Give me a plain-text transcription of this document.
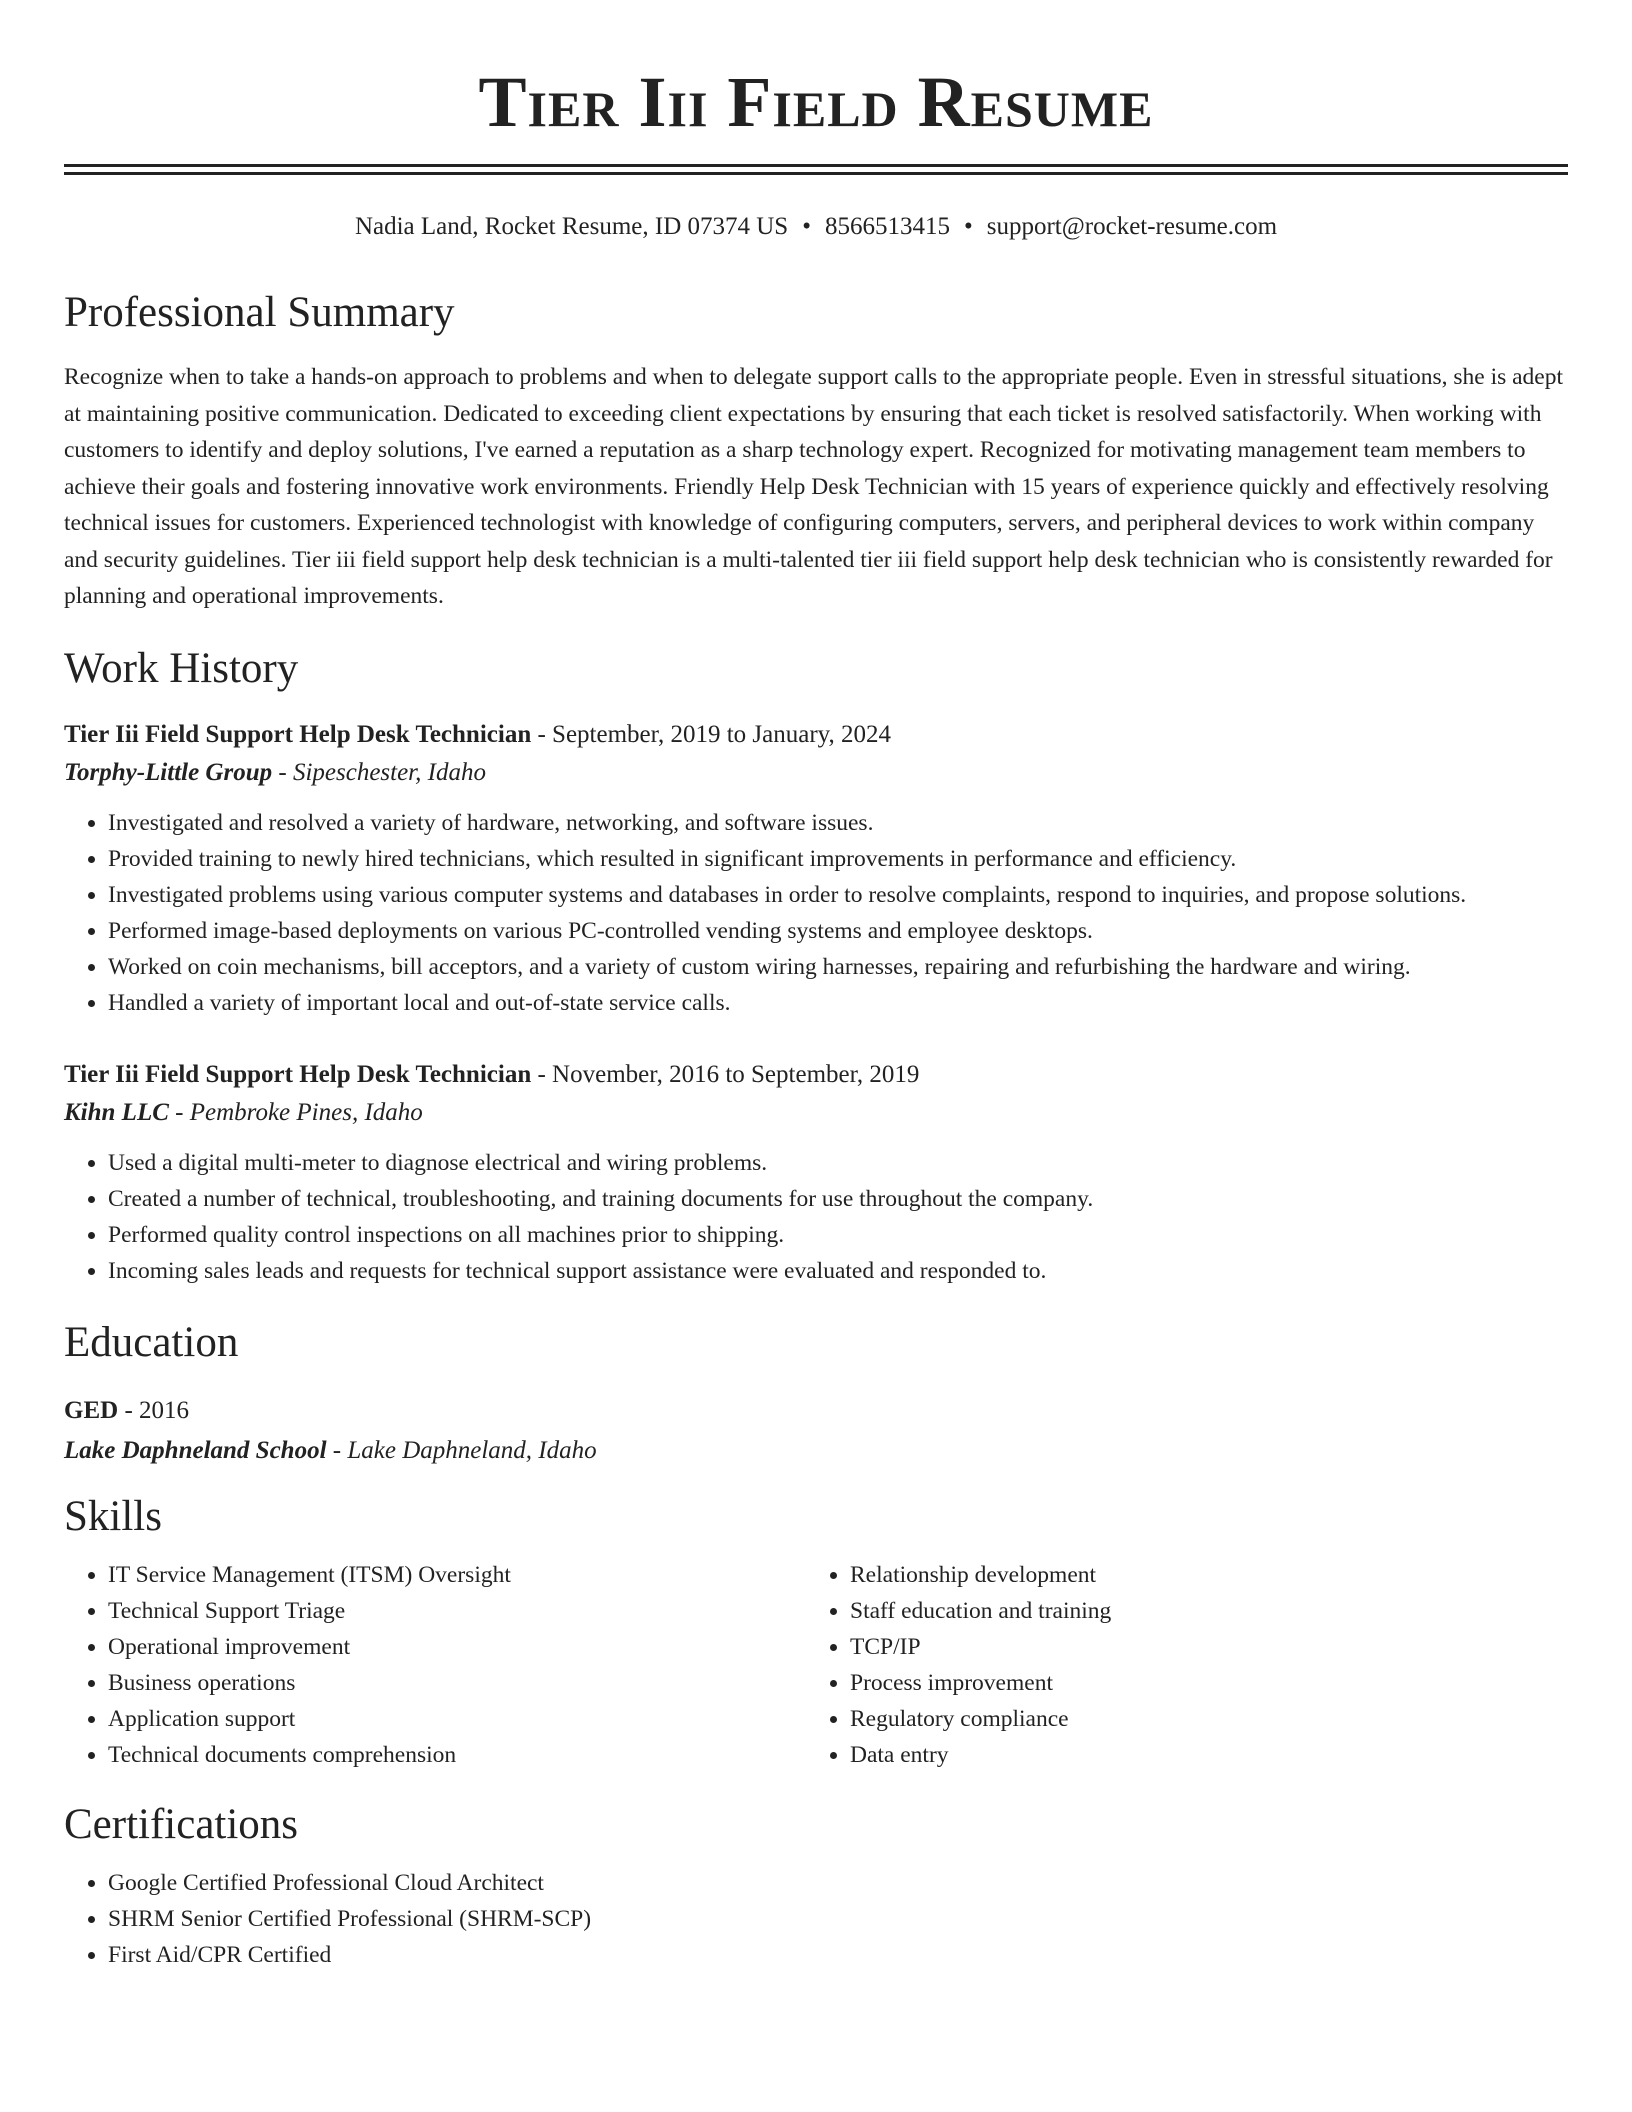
Tier Iii Field Resume
Nadia Land, Rocket Resume, ID 07374 US • 8566513415 • support@rocket-resume.com
Professional Summary
Recognize when to take a hands-on approach to problems and when to delegate support calls to the appropriate people. Even in stressful situations, she is adept at maintaining positive communication. Dedicated to exceeding client expectations by ensuring that each ticket is resolved satisfactorily. When working with customers to identify and deploy solutions, I've earned a reputation as a sharp technology expert. Recognized for motivating management team members to achieve their goals and fostering innovative work environments. Friendly Help Desk Technician with 15 years of experience quickly and effectively resolving technical issues for customers. Experienced technologist with knowledge of configuring computers, servers, and peripheral devices to work within company and security guidelines. Tier iii field support help desk technician is a multi-talented tier iii field support help desk technician who is consistently rewarded for planning and operational improvements.
Work History
Tier Iii Field Support Help Desk Technician - September, 2019 to January, 2024
Torphy-Little Group - Sipeschester, Idaho
• Investigated and resolved a variety of hardware, networking, and software issues.
• Provided training to newly hired technicians, which resulted in significant improvements in performance and efficiency.
• Investigated problems using various computer systems and databases in order to resolve complaints, respond to inquiries, and propose solutions.
• Performed image-based deployments on various PC-controlled vending systems and employee desktops.
• Worked on coin mechanisms, bill acceptors, and a variety of custom wiring harnesses, repairing and refurbishing the hardware and wiring.
• Handled a variety of important local and out-of-state service calls.
Tier Iii Field Support Help Desk Technician - November, 2016 to September, 2019
Kihn LLC - Pembroke Pines, Idaho
• Used a digital multi-meter to diagnose electrical and wiring problems.
• Created a number of technical, troubleshooting, and training documents for use throughout the company.
• Performed quality control inspections on all machines prior to shipping.
• Incoming sales leads and requests for technical support assistance were evaluated and responded to.
Education
GED - 2016
Lake Daphneland School - Lake Daphneland, Idaho
Skills
• IT Service Management (ITSM) Oversight
• Technical Support Triage
• Operational improvement
• Business operations
• Application support
• Technical documents comprehension
• Relationship development
• Staff education and training
• TCP/IP
• Process improvement
• Regulatory compliance
• Data entry
Certifications
• Google Certified Professional Cloud Architect
• SHRM Senior Certified Professional (SHRM-SCP)
• First Aid/CPR Certified
